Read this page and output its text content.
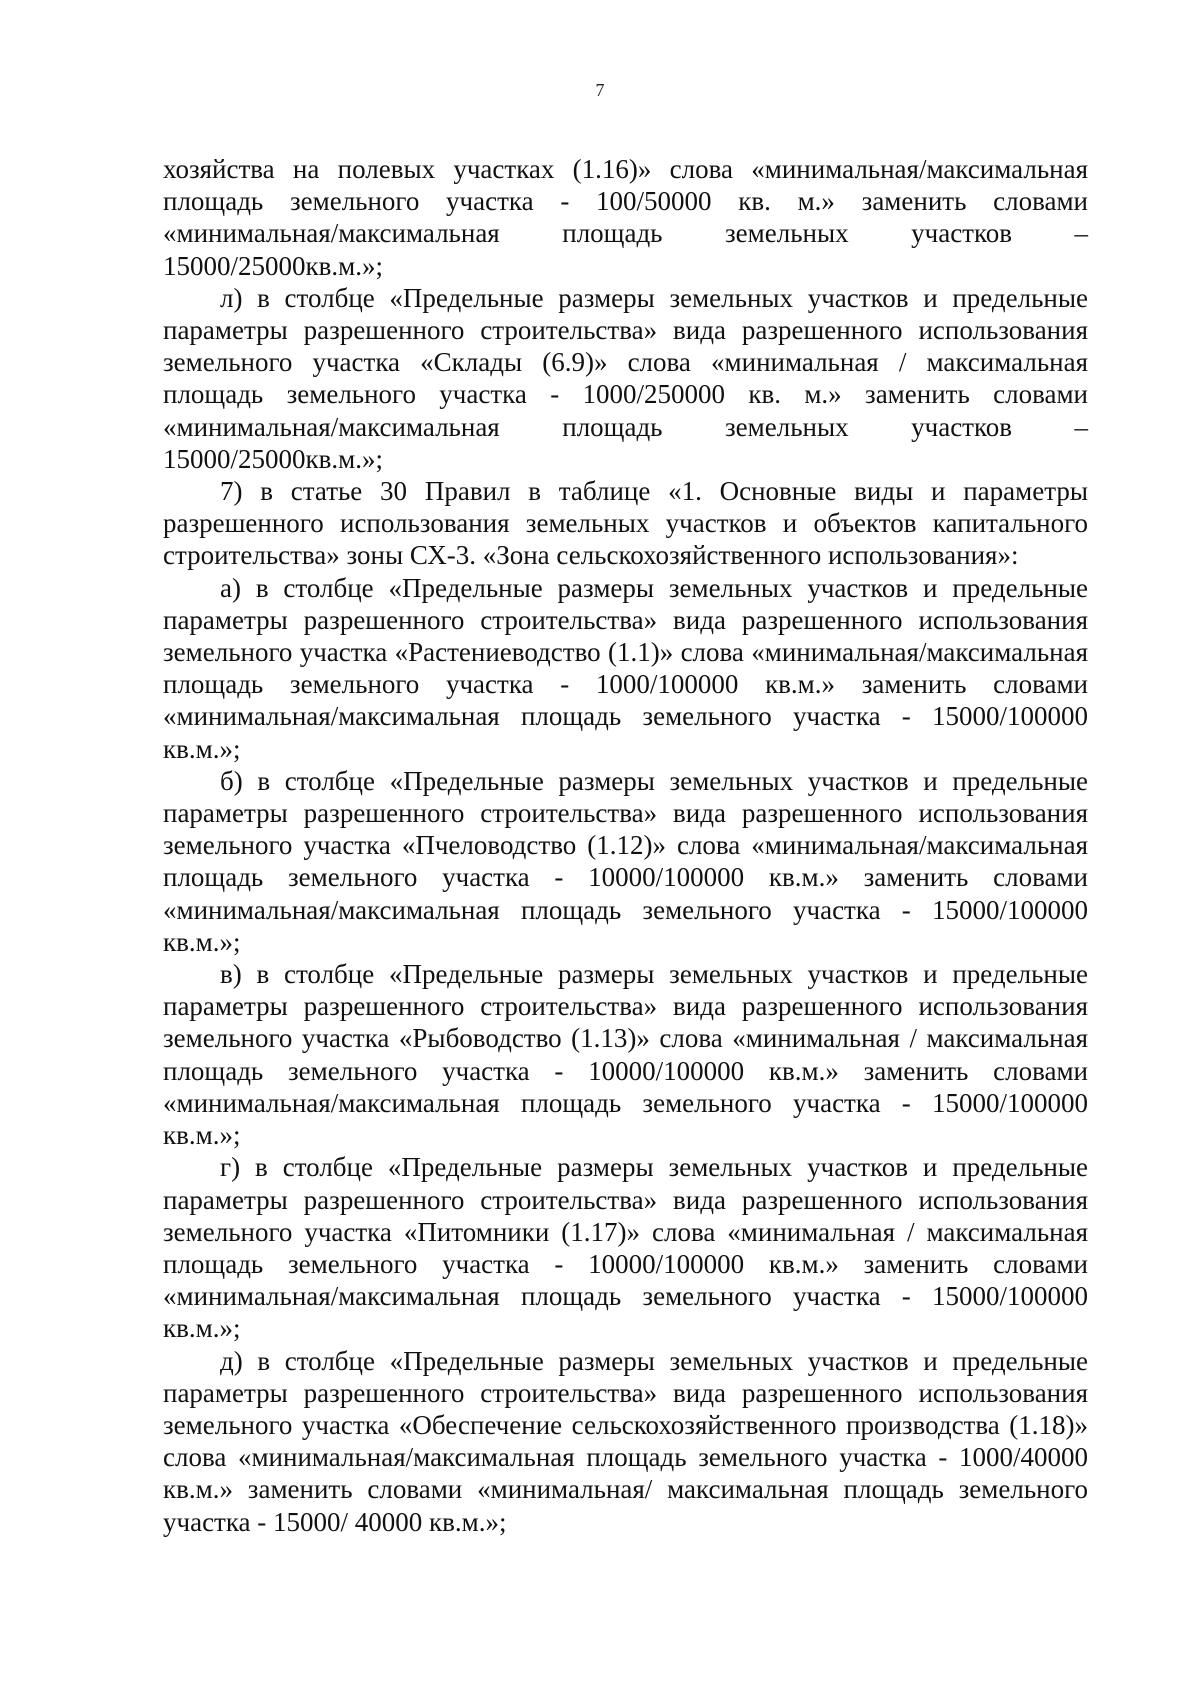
7

хозяйства на полевых участках (1.16)» слова «минимальная/максимальная площадь земельного участка - 100/50000 кв. м.» заменить словами «минимальная/максимальная площадь земельных участков – 15000/25000кв.м.»;

л) в столбце «Предельные размеры земельных участков и предельные параметры разрешенного строительства» вида разрешенного использования земельного участка «Склады (6.9)» слова «минимальная / максимальная площадь земельного участка - 1000/250000 кв. м.» заменить словами «минимальная/максимальная площадь земельных участков – 15000/25000кв.м.»;

7) в статье 30 Правил в таблице «1. Основные виды и параметры разрешенного использования земельных участков и объектов капитального строительства» зоны СХ-3. «Зона сельскохозяйственного использования»:

а) в столбце «Предельные размеры земельных участков и предельные параметры разрешенного строительства» вида разрешенного использования земельного участка «Растениеводство (1.1)» слова «минимальная/максимальная площадь земельного участка - 1000/100000 кв.м.» заменить словами «минимальная/максимальная площадь земельного участка - 15000/100000 кв.м.»;

б) в столбце «Предельные размеры земельных участков и предельные параметры разрешенного строительства» вида разрешенного использования земельного участка «Пчеловодство (1.12)» слова «минимальная/максимальная площадь земельного участка - 10000/100000 кв.м.» заменить словами «минимальная/максимальная площадь земельного участка - 15000/100000 кв.м.»;

в) в столбце «Предельные размеры земельных участков и предельные параметры разрешенного строительства» вида разрешенного использования земельного участка «Рыбоводство (1.13)» слова «минимальная / максимальная площадь земельного участка - 10000/100000 кв.м.» заменить словами «минимальная/максимальная площадь земельного участка - 15000/100000 кв.м.»;

г) в столбце «Предельные размеры земельных участков и предельные параметры разрешенного строительства» вида разрешенного использования земельного участка «Питомники (1.17)» слова «минимальная / максимальная площадь земельного участка - 10000/100000 кв.м.» заменить словами «минимальная/максимальная площадь земельного участка - 15000/100000 кв.м.»;

д) в столбце «Предельные размеры земельных участков и предельные параметры разрешенного строительства» вида разрешенного использования земельного участка «Обеспечение сельскохозяйственного производства (1.18)» слова «минимальная/максимальная площадь земельного участка - 1000/40000 кв.м.» заменить словами «минимальная/ максимальная площадь земельного участка - 15000/ 40000 кв.м.»;
